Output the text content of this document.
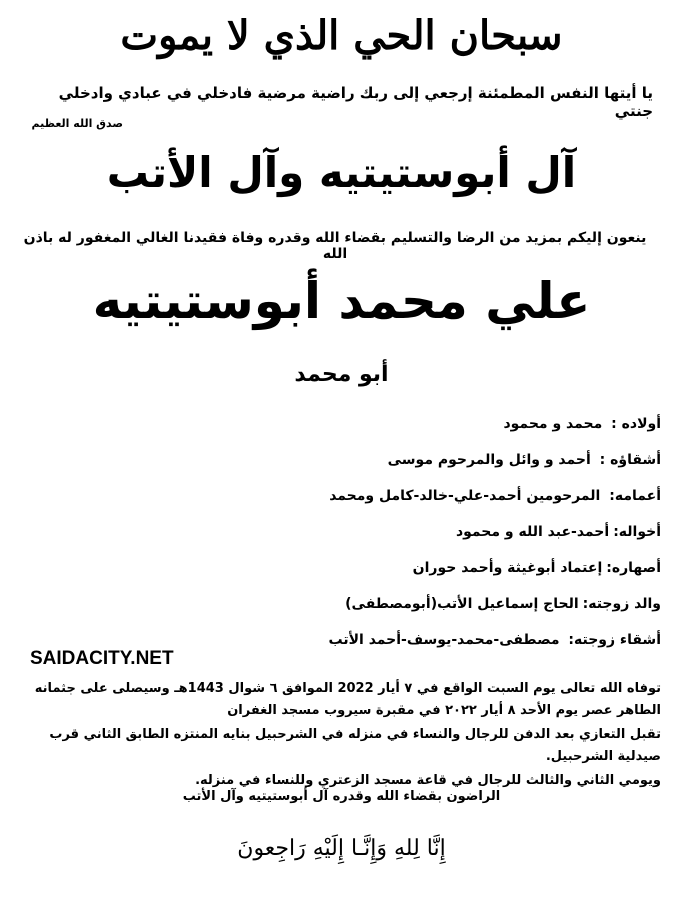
سبحان الحي الذي لا يموت
يا أيتها النفس المطمئنة إرجعي إلى ربك راضية مرضية فادخلي في عبادي وادخلي جنتي
صدق الله العظيم
آل أبوستيتيه وآل الأتب
ينعون إليكم بمزيد من الرضا والتسليم بقضاء الله وقدره وفاة فقيدنا الغالي المغفور له باذن الله
علي محمد أبوستيتيه
أبو محمد
أولاده : محمد و محمود
أشقاؤه : أحمد و وائل والمرحوم موسى
أعمامه: المرحومين أحمد-علي-خالد-كامل ومحمد
أخواله:أحمد-عبد الله و محمود
أصهاره:إعتماد أبوغيثة وأحمد حوران
والد زوجته:الحاج إسماعيل الأتب(أبومصطفى)
أشقاء زوجته: مصطفى-محمد-يوسف-أحمد الأتب
SAIDACITY.NET

توفاه الله تعالى يوم السبت الواقع في ٧ أيار 2022 الموافق ٦ شوال 1443هـ وسيصلى على جثمانه الطاهر عصر يوم الأحد ٨ أيار ٢٠٢٢ في مقبرة سيروب مسجد الغفران

تقبل التعازي بعد الدفن للرجال والنساء في منزله في الشرحبيل بنايه المنتزه الطابق الثاني قرب صيدلية الشرحبيل.

ويومي الثاني والثالث للرجال في قاعة مسجد الزعتري وللنساء في منزله.

الراضون بقضاء الله وقدره آل أبوستيتيه وآل الأتب
إِنَّا لِلهِ وَإِنَّـا إِلَيْهِ رَاجِعونَ
